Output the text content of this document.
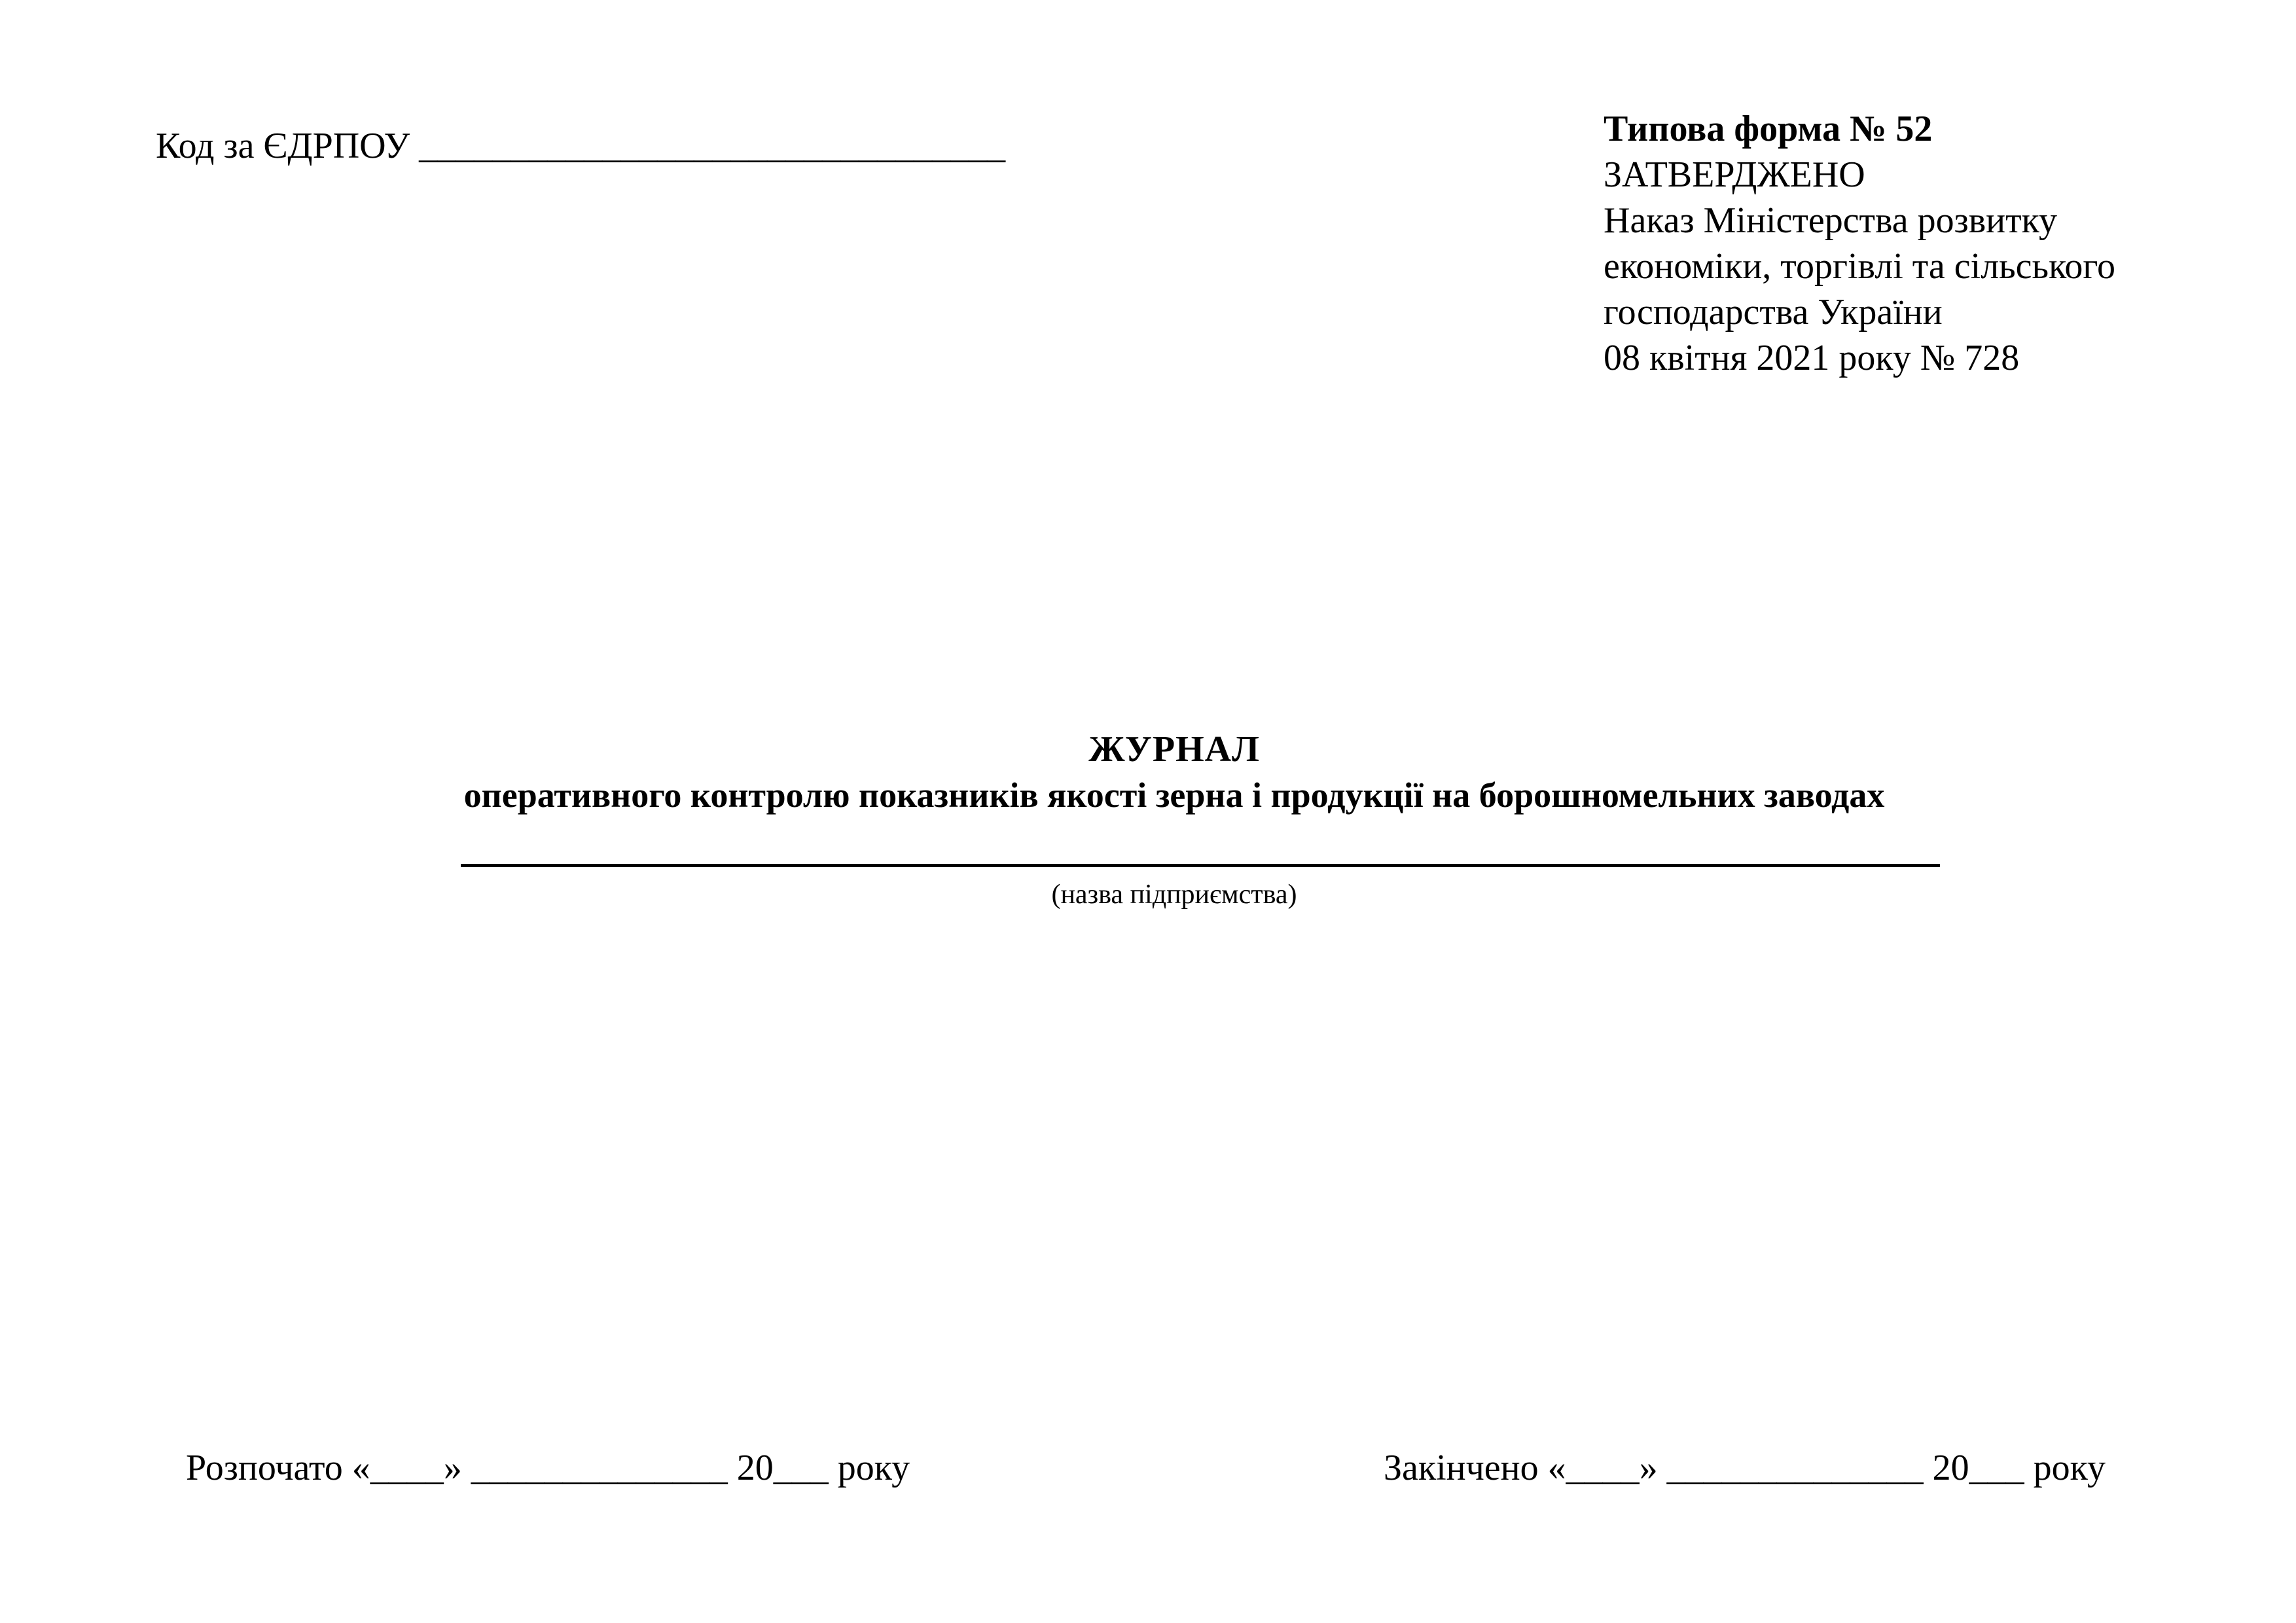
Код за ЄДРПОУ ________________________________	Типова форма № 52
ЗАТВЕРДЖЕНО
Наказ Міністерства розвитку
економіки, торгівлі та сільського
господарства України
08 квітня 2021 року № 728
ЖУРНАЛ
оперативного контролю показників якості зерна і продукції на борошномельних заводах
(назва підприємства)
Розпочато «____» ______________ 20___ року	Закінчено «____» ______________ 20___ року
